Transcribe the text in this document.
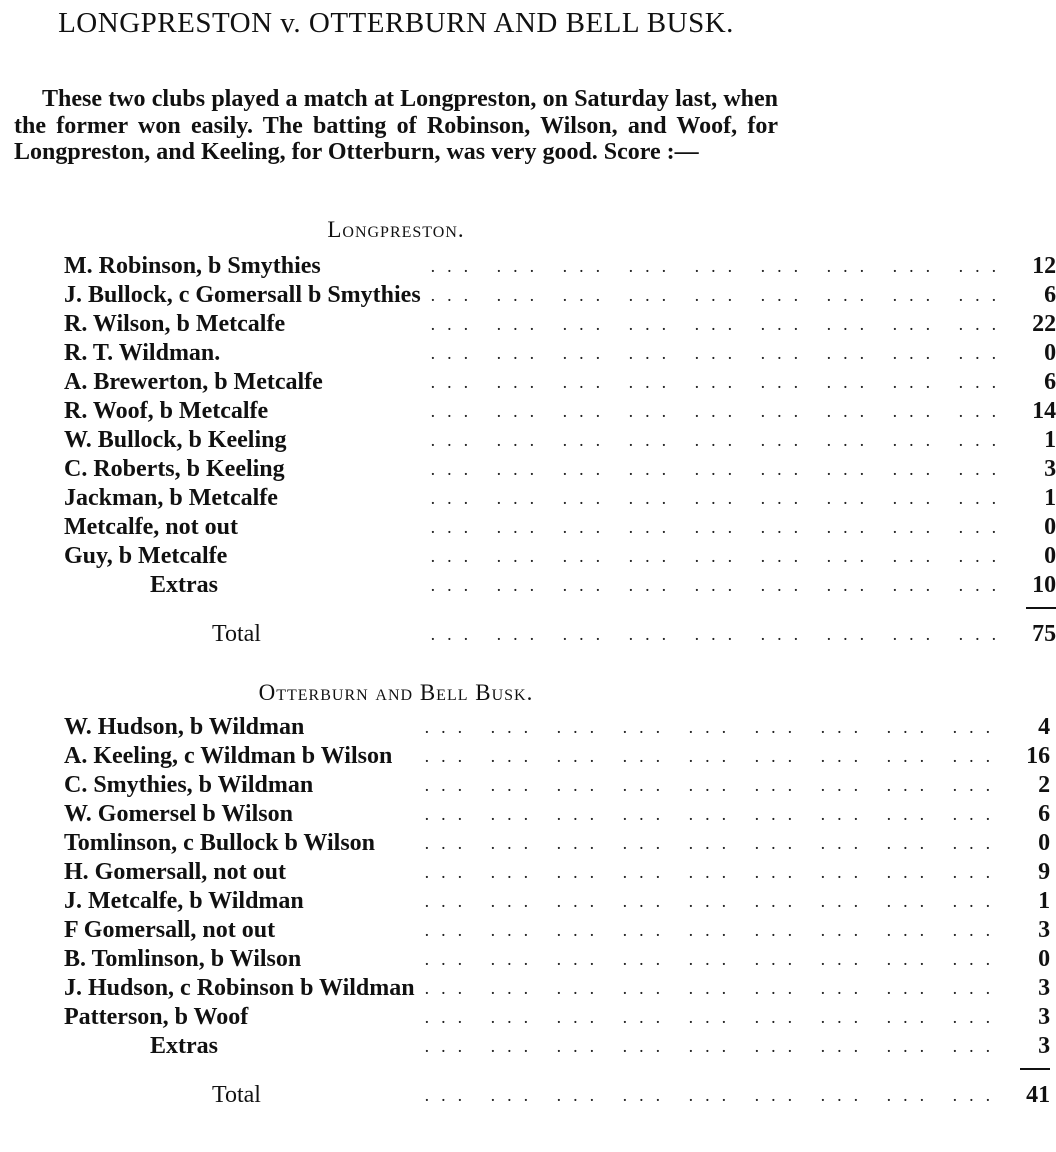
LONGPRESTON v. OTTERBURN AND BELL BUSK.

These two clubs played a match at Longpreston, on Saturday last, when the former won easily. The batting of Robinson, Wilson, and Woof, for Longpreston, and Keeling, for Otterburn, was very good. Score :—

Longpreston.
M. Robinson, b Smythies	... ... ... ... ... ... ... ... ...	12
J. Bullock, c Gomersall b Smythies	... ... ... ... ... ... ... ... ...	6
R. Wilson, b Metcalfe	... ... ... ... ... ... ... ... ...	22
R. T. Wildman.	... ... ... ... ... ... ... ... ...	0
A. Brewerton, b Metcalfe	... ... ... ... ... ... ... ... ...	6
R. Woof, b Metcalfe	... ... ... ... ... ... ... ... ...	14
W. Bullock, b Keeling	... ... ... ... ... ... ... ... ...	1
C. Roberts, b Keeling	... ... ... ... ... ... ... ... ...	3
Jackman, b Metcalfe	... ... ... ... ... ... ... ... ...	1
Metcalfe, not out	... ... ... ... ... ... ... ... ...	0
Guy, b Metcalfe	... ... ... ... ... ... ... ... ...	0
Extras	... ... ... ... ... ... ... ... ...	10

Total	... ... ... ... ... ... ... ... ...	75
Otterburn and Bell Busk.
W. Hudson, b Wildman	... ... ... ... ... ... ... ... ...	4
A. Keeling, c Wildman b Wilson	... ... ... ... ... ... ... ... ...	16
C. Smythies, b Wildman	... ... ... ... ... ... ... ... ...	2
W. Gomersel b Wilson	... ... ... ... ... ... ... ... ...	6
Tomlinson, c Bullock b Wilson	... ... ... ... ... ... ... ... ...	0
H. Gomersall, not out	... ... ... ... ... ... ... ... ...	9
J. Metcalfe, b Wildman	... ... ... ... ... ... ... ... ...	1
F Gomersall, not out	... ... ... ... ... ... ... ... ...	3
B. Tomlinson, b Wilson	... ... ... ... ... ... ... ... ...	0
J. Hudson, c Robinson b Wildman	... ... ... ... ... ... ... ... ...	3
Patterson, b Woof	... ... ... ... ... ... ... ... ...	3
Extras	... ... ... ... ... ... ... ... ...	3

Total	... ... ... ... ... ... ... ... ...	41
